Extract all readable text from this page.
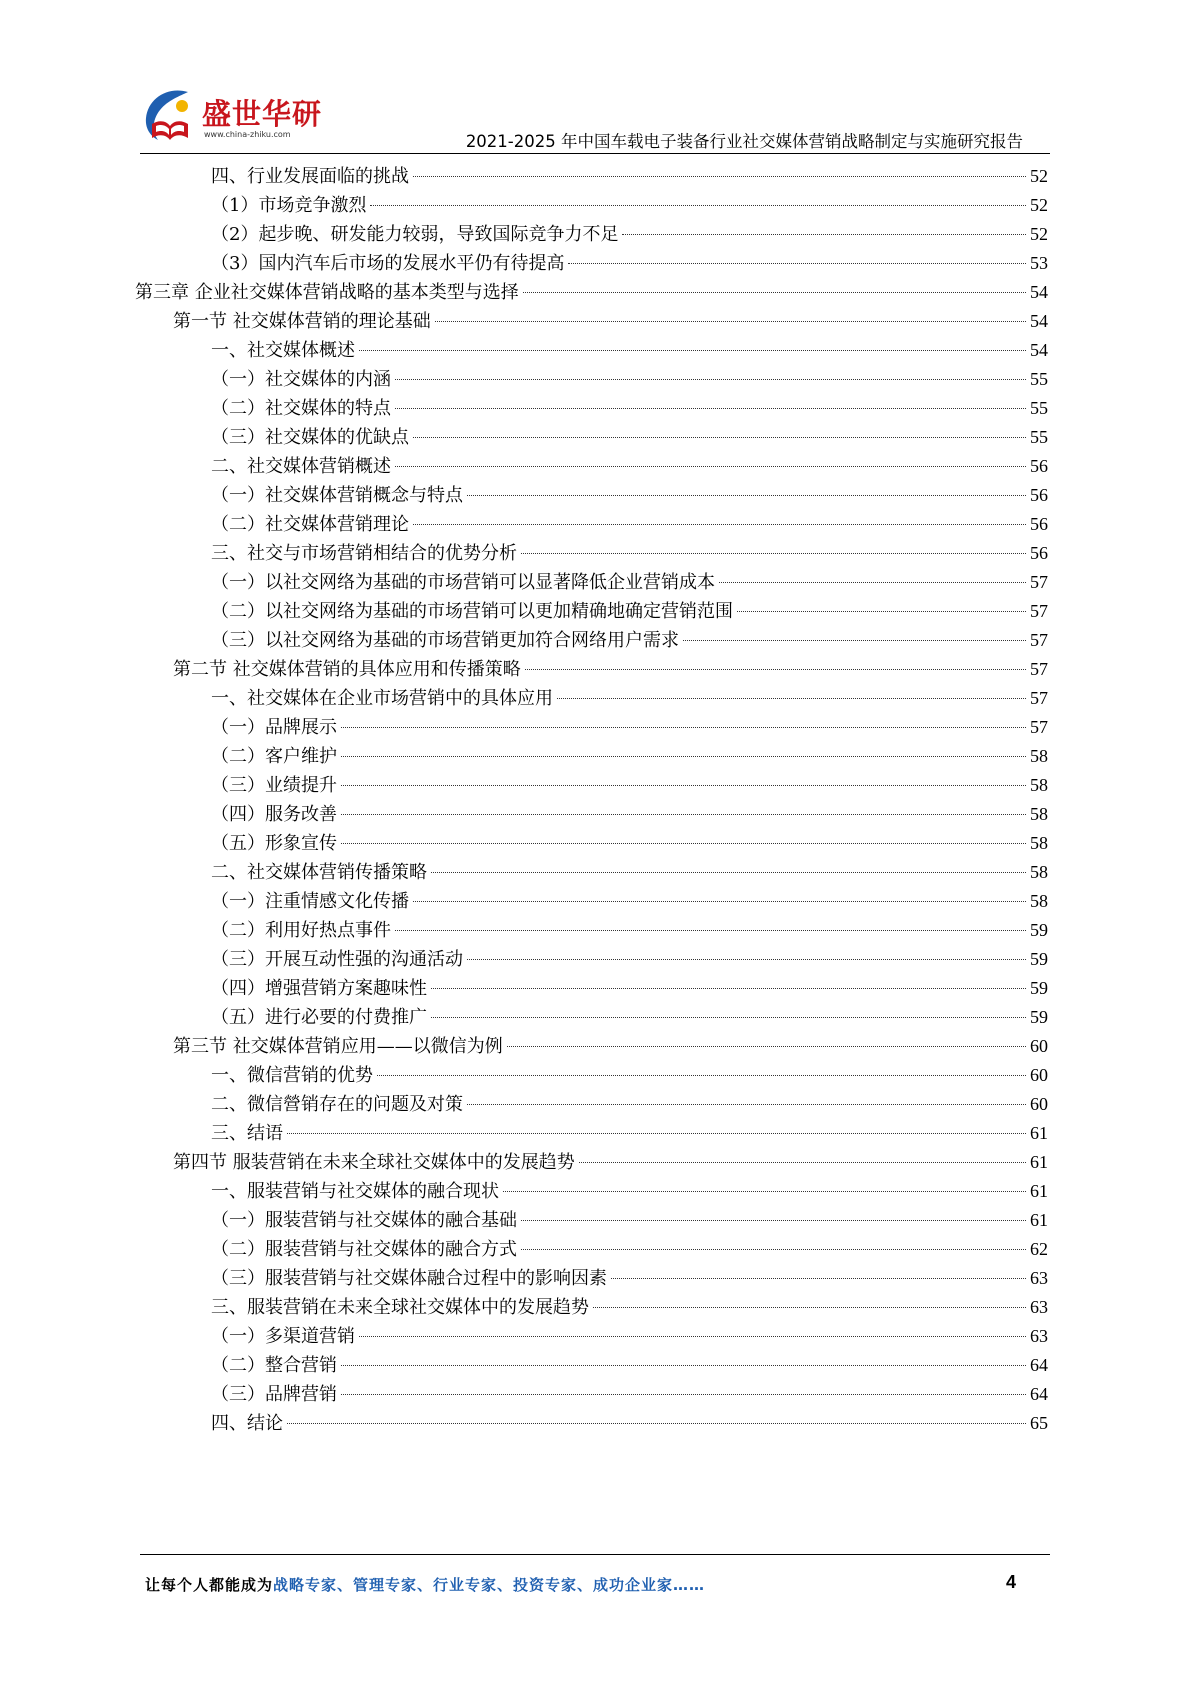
盛世华研
www.china-zhiku.com	2021-2025 年中国车载电子装备行业社交媒体营销战略制定与实施研究报告
四、行业发展面临的挑战	52
（1）市场竞争激烈	52
（2）起步晚、研发能力较弱，导致国际竞争力不足	52
（3）国内汽车后市场的发展水平仍有待提高	53
第三章 企业社交媒体营销战略的基本类型与选择	54
第一节 社交媒体营销的理论基础	54
一、社交媒体概述	54
（一）社交媒体的内涵	55
（二）社交媒体的特点	55
（三）社交媒体的优缺点	55
二、社交媒体营销概述	56
（一）社交媒体营销概念与特点	56
（二）社交媒体营销理论	56
三、社交与市场营销相结合的优势分析	56
（一）以社交网络为基础的市场营销可以显著降低企业营销成本	57
（二）以社交网络为基础的市场营销可以更加精确地确定营销范围	57
（三）以社交网络为基础的市场营销更加符合网络用户需求	57
第二节 社交媒体营销的具体应用和传播策略	57
一、社交媒体在企业市场营销中的具体应用	57
（一）品牌展示	57
（二）客户维护	58
（三）业绩提升	58
（四）服务改善	58
（五）形象宣传	58
二、社交媒体营销传播策略	58
（一）注重情感文化传播	58
（二）利用好热点事件	59
（三）开展互动性强的沟通活动	59
（四）增强营销方案趣味性	59
（五）进行必要的付费推广	59
第三节 社交媒体营销应用——以微信为例	60
一、微信营销的优势	60
二、微信營销存在的问题及对策	60
三、结语	61
第四节 服装营销在未来全球社交媒体中的发展趋势	61
一、服装营销与社交媒体的融合现状	61
（一）服装营销与社交媒体的融合基础	61
（二）服装营销与社交媒体的融合方式	62
（三）服装营销与社交媒体融合过程中的影响因素	63
三、服装营销在未来全球社交媒体中的发展趋势	63
（一）多渠道营销	63
（二）整合营销	64
（三）品牌营销	64
四、结论	65
让每个人都能成为战略专家、管理专家、行业专家、投资专家、成功企业家……	4
